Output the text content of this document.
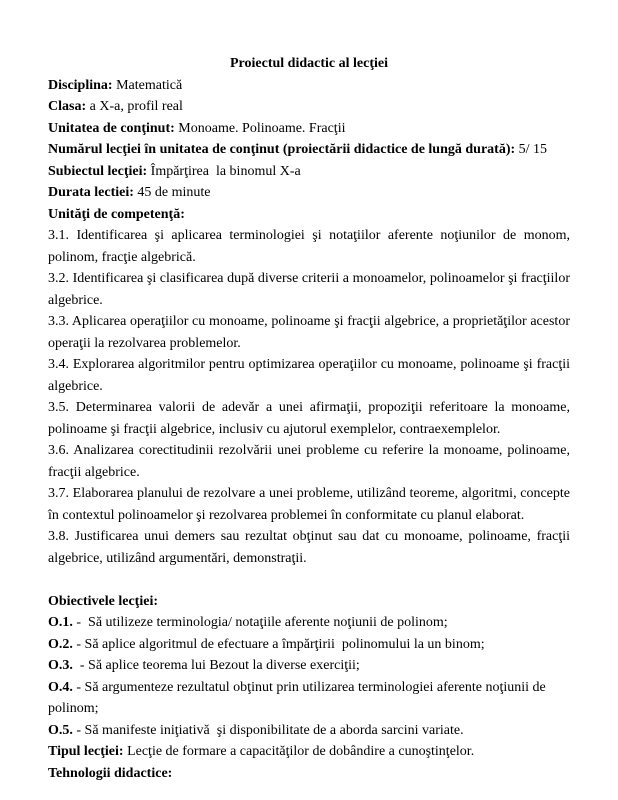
Proiectul didactic al lecţiei

Disciplina: Matematică

Clasa: a X-a, profil real

Unitatea de conţinut: Monoame. Polinoame. Fracţii

Numărul lecţiei în unitatea de conţinut (proiectării didactice de lungă durată): 5/ 15

Subiectul lecţiei: Împărţirea  la binomul X-a

Durata lectiei: 45 de minute

Unităţi de competenţă:

3.1. Identificarea şi aplicarea terminologiei şi notaţiilor aferente noţiunilor de monom, polinom, fracţie algebrică.

3.2. Identificarea şi clasificarea după diverse criterii a monoamelor, polinoamelor şi fracţiilor algebrice.

3.3. Aplicarea operaţiilor cu monoame, polinoame şi fracţii algebrice, a proprietăţilor acestor operaţii la rezolvarea problemelor.

3.4. Explorarea algoritmilor pentru optimizarea operaţiilor cu monoame, polinoame şi fracţii algebrice.

3.5. Determinarea valorii de adevăr a unei afirmaţii, propoziţii referitoare la monoame, polinoame şi fracţii algebrice, inclusiv cu ajutorul exemplelor, contraexemplelor.

3.6. Analizarea corectitudinii rezolvării unei probleme cu referire la monoame, polinoame, fracţii algebrice.

3.7. Elaborarea planului de rezolvare a unei probleme, utilizând teoreme, algoritmi, concepte în contextul polinoamelor şi rezolvarea problemei în conformitate cu planul elaborat.

3.8. Justificarea unui demers sau rezultat obţinut sau dat cu monoame, polinoame, fracţii algebrice, utilizând argumentări, demonstraţii.

Obiectivele lecţiei:

O.1. -  Să utilizeze terminologia/ notaţiile aferente noţiunii de polinom;

O.2. - Să aplice algoritmul de efectuare a împărţirii  polinomului la un binom;

O.3.  - Să aplice teorema lui Bezout la diverse exerciţii;

O.4. - Să argumenteze rezultatul obţinut prin utilizarea terminologiei aferente noţiunii de polinom;

O.5. - Să manifeste iniţiativă  şi disponibilitate de a aborda sarcini variate.

Tipul lecţiei: Lecţie de formare a capacităţilor de dobândire a cunoştinţelor.

Tehnologii didactice:
